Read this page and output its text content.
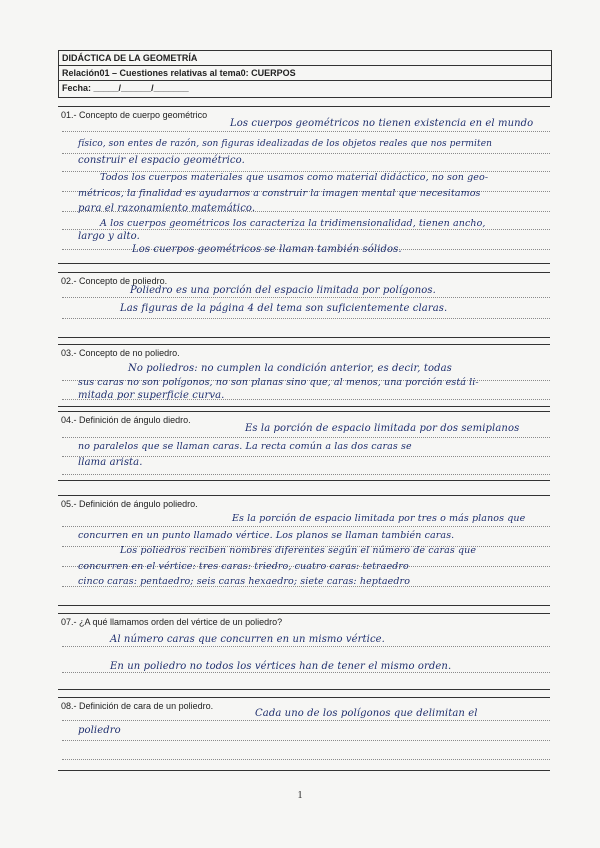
DIDÁCTICA DE LA GEOMETRÍA
Relación01 – Cuestiones relativas al tema0: CUERPOS
Fecha: _____/______/_______
01.- Concepto de cuerpo geométrico
Los cuerpos geométricos no tienen existencia en el mundo
físico, son entes de razón, son figuras idealizadas de los objetos reales que nos permiten
construir el espacio geométrico.
Todos los cuerpos materiales que usamos como material didáctico, no son geo-
métricos, la finalidad es ayudarnos a construir la imagen mental que necesitamos
para el razonamiento matemático.
A los cuerpos geométricos los caracteriza la tridimensionalidad, tienen ancho,
largo y alto.
Los cuerpos geométricos se llaman también sólidos.
02.- Concepto de poliedro.
Poliedro es una porción del espacio limitada por polígonos.
Las figuras de la página 4 del tema son suficientemente claras.
03.- Concepto de no poliedro.
No poliedros: no cumplen la condición anterior, es decir, todas
sus caras no son polígonos, no son planas sino que, al menos, una porción está li-
mitada por superficie curva.
04.- Definición de ángulo diedro.
Es la porción de espacio limitada por dos semiplanos
no paralelos que se llaman caras. La recta común a las dos caras se
llama arista.
05.- Definición de ángulo poliedro.
Es la porción de espacio limitada por tres o más planos que
concurren en un punto llamado vértice. Los planos se llaman también caras.
Los poliedros reciben nombres diferentes según el número de caras que
concurren en el vértice: tres caras: triedro, cuatro caras: tetraedro
cinco caras: pentaedro; seis caras hexaedro; siete caras: heptaedro
07.- ¿A qué llamamos orden del vértice de un poliedro?
Al número caras que concurren en un mismo vértice.
En un poliedro no todos los vértices han de tener el mismo orden.
08.- Definición de cara de un poliedro.
Cada uno de los polígonos que delimitan el
poliedro
1
